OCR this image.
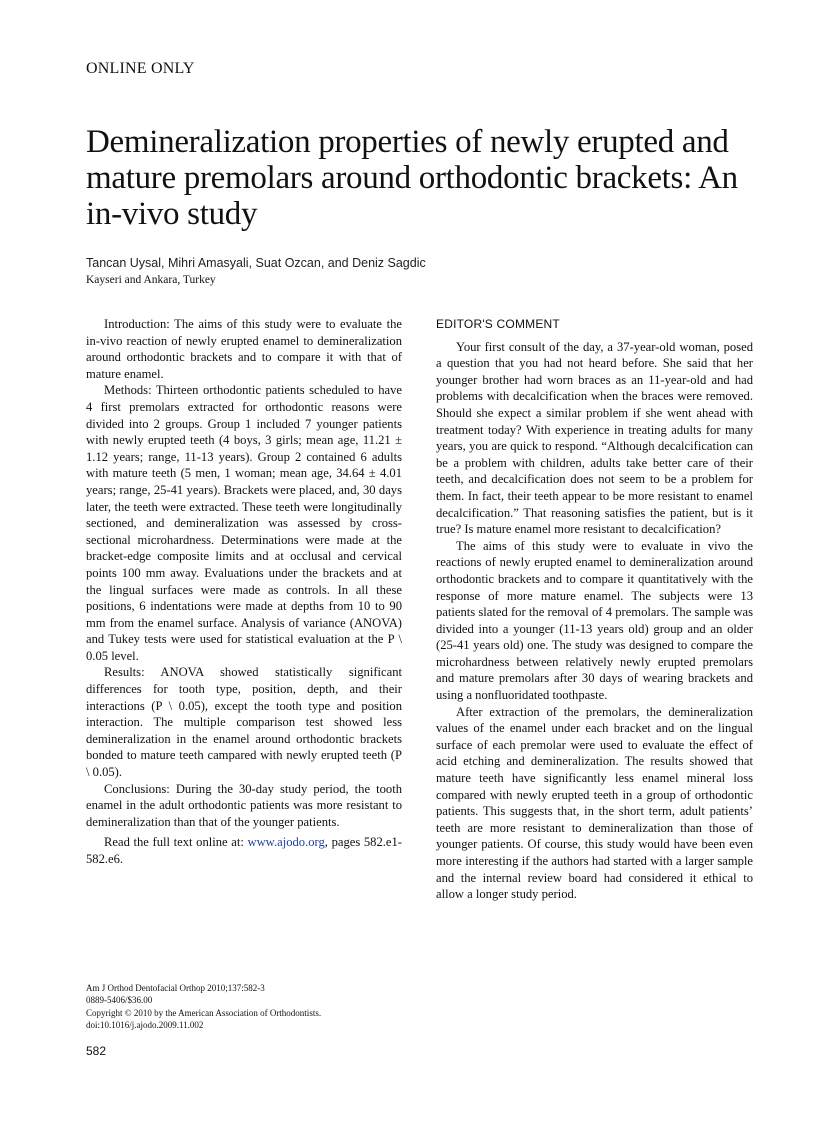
ONLINE ONLY
Demineralization properties of newly erupted and mature premolars around orthodontic brackets: An in-vivo study
Tancan Uysal, Mihri Amasyali, Suat Ozcan, and Deniz Sagdic
Kayseri and Ankara, Turkey

Introduction: The aims of this study were to evaluate the in-vivo reaction of newly erupted enamel to demineralization around orthodontic brackets and to compare it with that of mature enamel.

Methods: Thirteen orthodontic patients scheduled to have 4 first premolars extracted for orthodontic reasons were divided into 2 groups. Group 1 included 7 younger patients with newly erupted teeth (4 boys, 3 girls; mean age, 11.21 ± 1.12 years; range, 11-13 years). Group 2 contained 6 adults with mature teeth (5 men, 1 woman; mean age, 34.64 ± 4.01 years; range, 25-41 years). Brackets were placed, and, 30 days later, the teeth were extracted. These teeth were longitudinally sectioned, and demineralization was assessed by cross-sectional microhardness. Determinations were made at the bracket-edge composite limits and at occlusal and cervical points 100 mm away. Evaluations under the brackets and at the lingual surfaces were made as controls. In all these positions, 6 indentations were made at depths from 10 to 90 mm from the enamel surface. Analysis of variance (ANOVA) and Tukey tests were used for statistical evaluation at the P \ 0.05 level.

Results: ANOVA showed statistically significant differences for tooth type, position, depth, and their interactions (P \ 0.05), except the tooth type and position interaction. The multiple comparison test showed less demineralization in the enamel around orthodontic brackets bonded to mature teeth campared with newly erupted teeth (P \ 0.05).

Conclusions: During the 30-day study period, the tooth enamel in the adult orthodontic patients was more resistant to demineralization than that of the younger patients.

Read the full text online at: www.ajodo.org, pages 582.e1-582.e6.

EDITOR'S COMMENT

Your first consult of the day, a 37-year-old woman, posed a question that you had not heard before. She said that her younger brother had worn braces as an 11-year-old and had problems with decalcification when the braces were removed. Should she expect a similar problem if she went ahead with treatment today? With experience in treating adults for many years, you are quick to respond. “Although decalcification can be a problem with children, adults take better care of their teeth, and decalcification does not seem to be a problem for them. In fact, their teeth appear to be more resistant to enamel decalcification.” That reasoning satisfies the patient, but is it true? Is mature enamel more resistant to decalcification?

The aims of this study were to evaluate in vivo the reactions of newly erupted enamel to demineralization around orthodontic brackets and to compare it quantitatively with the response of more mature enamel. The subjects were 13 patients slated for the removal of 4 premolars. The sample was divided into a younger (11-13 years old) group and an older (25-41 years old) one. The study was designed to compare the microhardness between relatively newly erupted premolars and mature premolars after 30 days of wearing brackets and using a nonfluoridated toothpaste.

After extraction of the premolars, the demineralization values of the enamel under each bracket and on the lingual surface of each premolar were used to evaluate the effect of acid etching and demineralization. The results showed that mature teeth have significantly less enamel mineral loss compared with newly erupted teeth in a group of orthodontic patients. This suggests that, in the short term, adult patients’ teeth are more resistant to demineralization than those of younger patients. Of course, this study would have been even more interesting if the authors had started with a larger sample and the internal review board had considered it ethical to allow a longer study period.

Am J Orthod Dentofacial Orthop 2010;137:582-3
0889-5406/$36.00
Copyright © 2010 by the American Association of Orthodontists.
doi:10.1016/j.ajodo.2009.11.002
582
